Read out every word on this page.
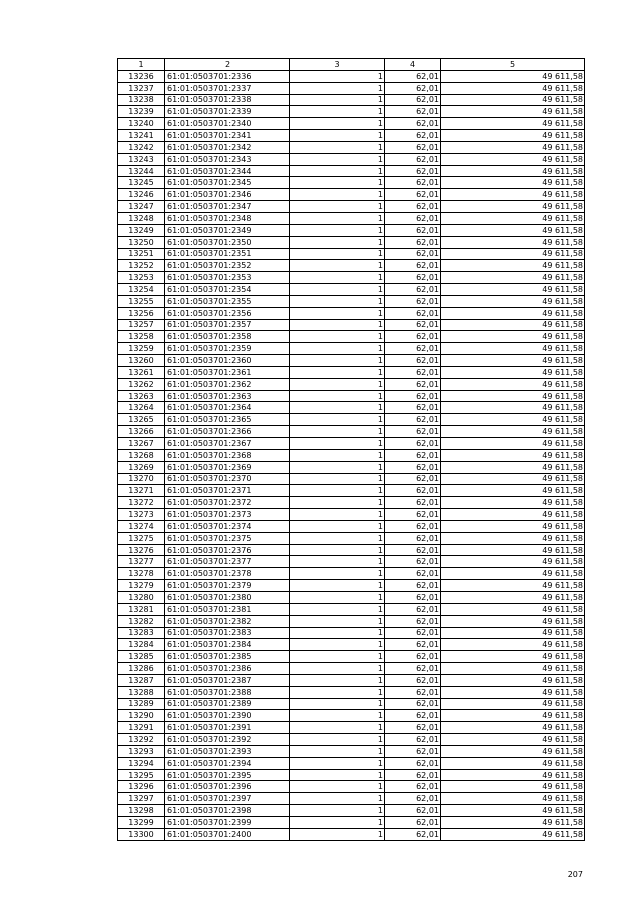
1	2	3	4	5
13236	61:01:0503701:2336	1	62,01	49 611,58
13237	61:01:0503701:2337	1	62,01	49 611,58
13238	61:01:0503701:2338	1	62,01	49 611,58
13239	61:01:0503701:2339	1	62,01	49 611,58
13240	61:01:0503701:2340	1	62,01	49 611,58
13241	61:01:0503701:2341	1	62,01	49 611,58
13242	61:01:0503701:2342	1	62,01	49 611,58
13243	61:01:0503701:2343	1	62,01	49 611,58
13244	61:01:0503701:2344	1	62,01	49 611,58
13245	61:01:0503701:2345	1	62,01	49 611,58
13246	61:01:0503701:2346	1	62,01	49 611,58
13247	61:01:0503701:2347	1	62,01	49 611,58
13248	61:01:0503701:2348	1	62,01	49 611,58
13249	61:01:0503701:2349	1	62,01	49 611,58
13250	61:01:0503701:2350	1	62,01	49 611,58
13251	61:01:0503701:2351	1	62,01	49 611,58
13252	61:01:0503701:2352	1	62,01	49 611,58
13253	61:01:0503701:2353	1	62,01	49 611,58
13254	61:01:0503701:2354	1	62,01	49 611,58
13255	61:01:0503701:2355	1	62,01	49 611,58
13256	61:01:0503701:2356	1	62,01	49 611,58
13257	61:01:0503701:2357	1	62,01	49 611,58
13258	61:01:0503701:2358	1	62,01	49 611,58
13259	61:01:0503701:2359	1	62,01	49 611,58
13260	61:01:0503701:2360	1	62,01	49 611,58
13261	61:01:0503701:2361	1	62,01	49 611,58
13262	61:01:0503701:2362	1	62,01	49 611,58
13263	61:01:0503701:2363	1	62,01	49 611,58
13264	61:01:0503701:2364	1	62,01	49 611,58
13265	61:01:0503701:2365	1	62,01	49 611,58
13266	61:01:0503701:2366	1	62,01	49 611,58
13267	61:01:0503701:2367	1	62,01	49 611,58
13268	61:01:0503701:2368	1	62,01	49 611,58
13269	61:01:0503701:2369	1	62,01	49 611,58
13270	61:01:0503701:2370	1	62,01	49 611,58
13271	61:01:0503701:2371	1	62,01	49 611,58
13272	61:01:0503701:2372	1	62,01	49 611,58
13273	61:01:0503701:2373	1	62,01	49 611,58
13274	61:01:0503701:2374	1	62,01	49 611,58
13275	61:01:0503701:2375	1	62,01	49 611,58
13276	61:01:0503701:2376	1	62,01	49 611,58
13277	61:01:0503701:2377	1	62,01	49 611,58
13278	61:01:0503701:2378	1	62,01	49 611,58
13279	61:01:0503701:2379	1	62,01	49 611,58
13280	61:01:0503701:2380	1	62,01	49 611,58
13281	61:01:0503701:2381	1	62,01	49 611,58
13282	61:01:0503701:2382	1	62,01	49 611,58
13283	61:01:0503701:2383	1	62,01	49 611,58
13284	61:01:0503701:2384	1	62,01	49 611,58
13285	61:01:0503701:2385	1	62,01	49 611,58
13286	61:01:0503701:2386	1	62,01	49 611,58
13287	61:01:0503701:2387	1	62,01	49 611,58
13288	61:01:0503701:2388	1	62,01	49 611,58
13289	61:01:0503701:2389	1	62,01	49 611,58
13290	61:01:0503701:2390	1	62,01	49 611,58
13291	61:01:0503701:2391	1	62,01	49 611,58
13292	61:01:0503701:2392	1	62,01	49 611,58
13293	61:01:0503701:2393	1	62,01	49 611,58
13294	61:01:0503701:2394	1	62,01	49 611,58
13295	61:01:0503701:2395	1	62,01	49 611,58
13296	61:01:0503701:2396	1	62,01	49 611,58
13297	61:01:0503701:2397	1	62,01	49 611,58
13298	61:01:0503701:2398	1	62,01	49 611,58
13299	61:01:0503701:2399	1	62,01	49 611,58
13300	61:01:0503701:2400	1	62,01	49 611,58
207
